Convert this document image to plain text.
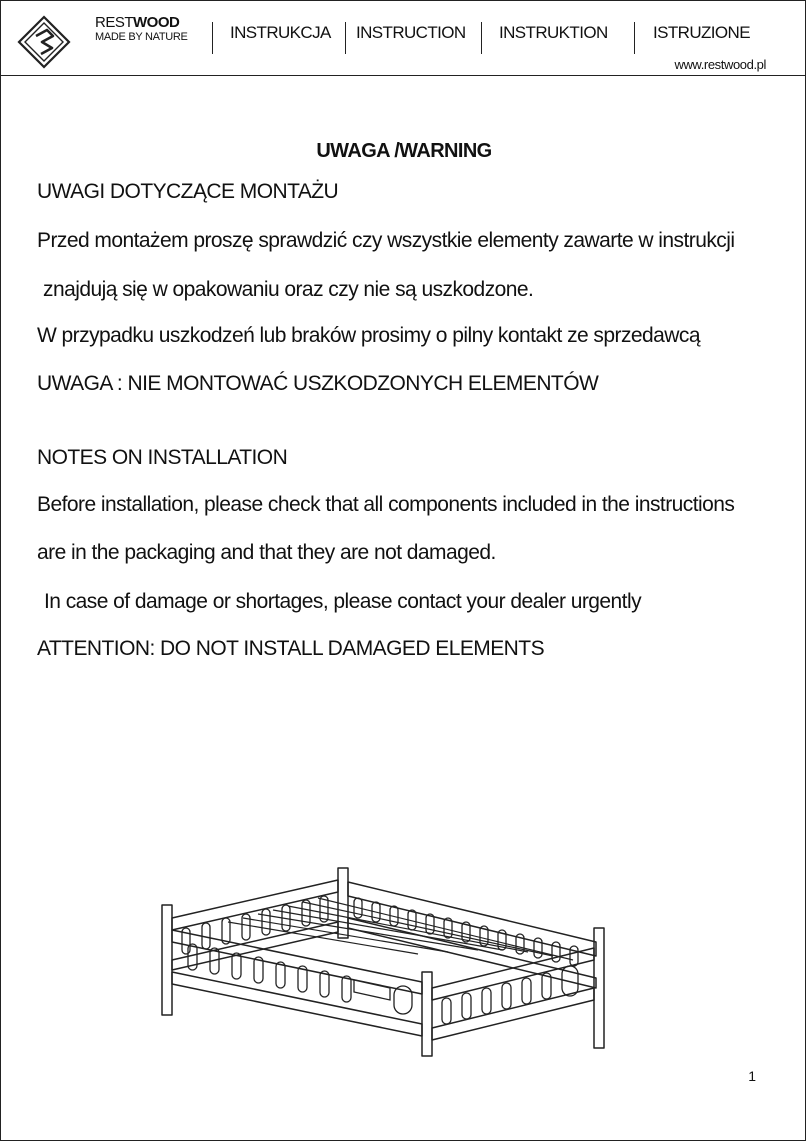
RESTWOOD
MADE BY NATURE INSTRUKCJA INSTRUCTION INSTRUKTION	ISTRUZIONE
www.restwood.pl
UWAGA /WARNING
UWAGI DOTYCZĄCE MONTAŻU
Przed montażem proszę sprawdzić czy wszystkie elementy zawarte w instrukcji
znajdują się w opakowaniu oraz czy nie są uszkodzone.
W przypadku uszkodzeń lub braków prosimy o pilny kontakt ze sprzedawcą
UWAGA : NIE MONTOWAĆ USZKODZONYCH ELEMENTÓW
NOTES ON INSTALLATION
Before installation, please check that all components included in the instructions
are in the packaging and that they are not damaged.
In case of damage or shortages, please contact your dealer urgently
ATTENTION: DO NOT INSTALL DAMAGED ELEMENTS
1
